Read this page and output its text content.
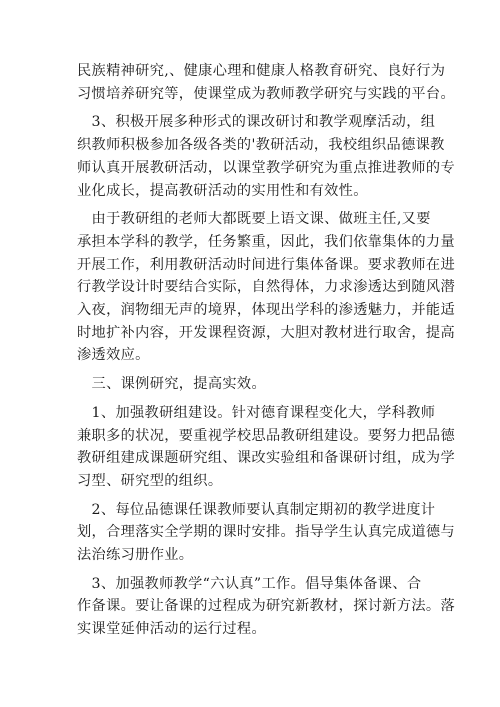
民族精神研究,、健康心理和健康人格教育研究、良好行为
习惯培养研究等，使课堂成为教师教学研究与实践的平台。
　3、积极开展多种形式的课改研讨和教学观摩活动，组
织教师积极参加各级各类的'教研活动，我校组织品德课教
师认真开展教研活动，以课堂教学研究为重点推进教师的专
业化成长，提高教研活动的实用性和有效性。
　由于教研组的老师大都既要上语文课、做班主任,又要
承担本学科的教学，任务繁重，因此，我们依靠集体的力量
开展工作，利用教研活动时间进行集体备课。要求教师在进
行教学设计时要结合实际，自然得体，力求渗透达到随风潜
入夜，润物细无声的境界，体现出学科的渗透魅力，并能适
时地扩补内容，开发课程资源，大胆对教材进行取舍，提高
渗透效应。
　三、课例研究，提高实效。
　1、加强教研组建设。针对德育课程变化大，学科教师
兼职多的状况，要重视学校思品教研组建设。要努力把品德
教研组建成课题研究组、课改实验组和备课研讨组，成为学
习型、研究型的组织。
　2、每位品德课任课教师要认真制定期初的教学进度计
划，合理落实全学期的课时安排。指导学生认真完成道德与
法治练习册作业。
　3、加强教师教学“六认真”工作。倡导集体备课、合
作备课。要让备课的过程成为研究新教材，探讨新方法。落
实课堂延伸活动的运行过程。
